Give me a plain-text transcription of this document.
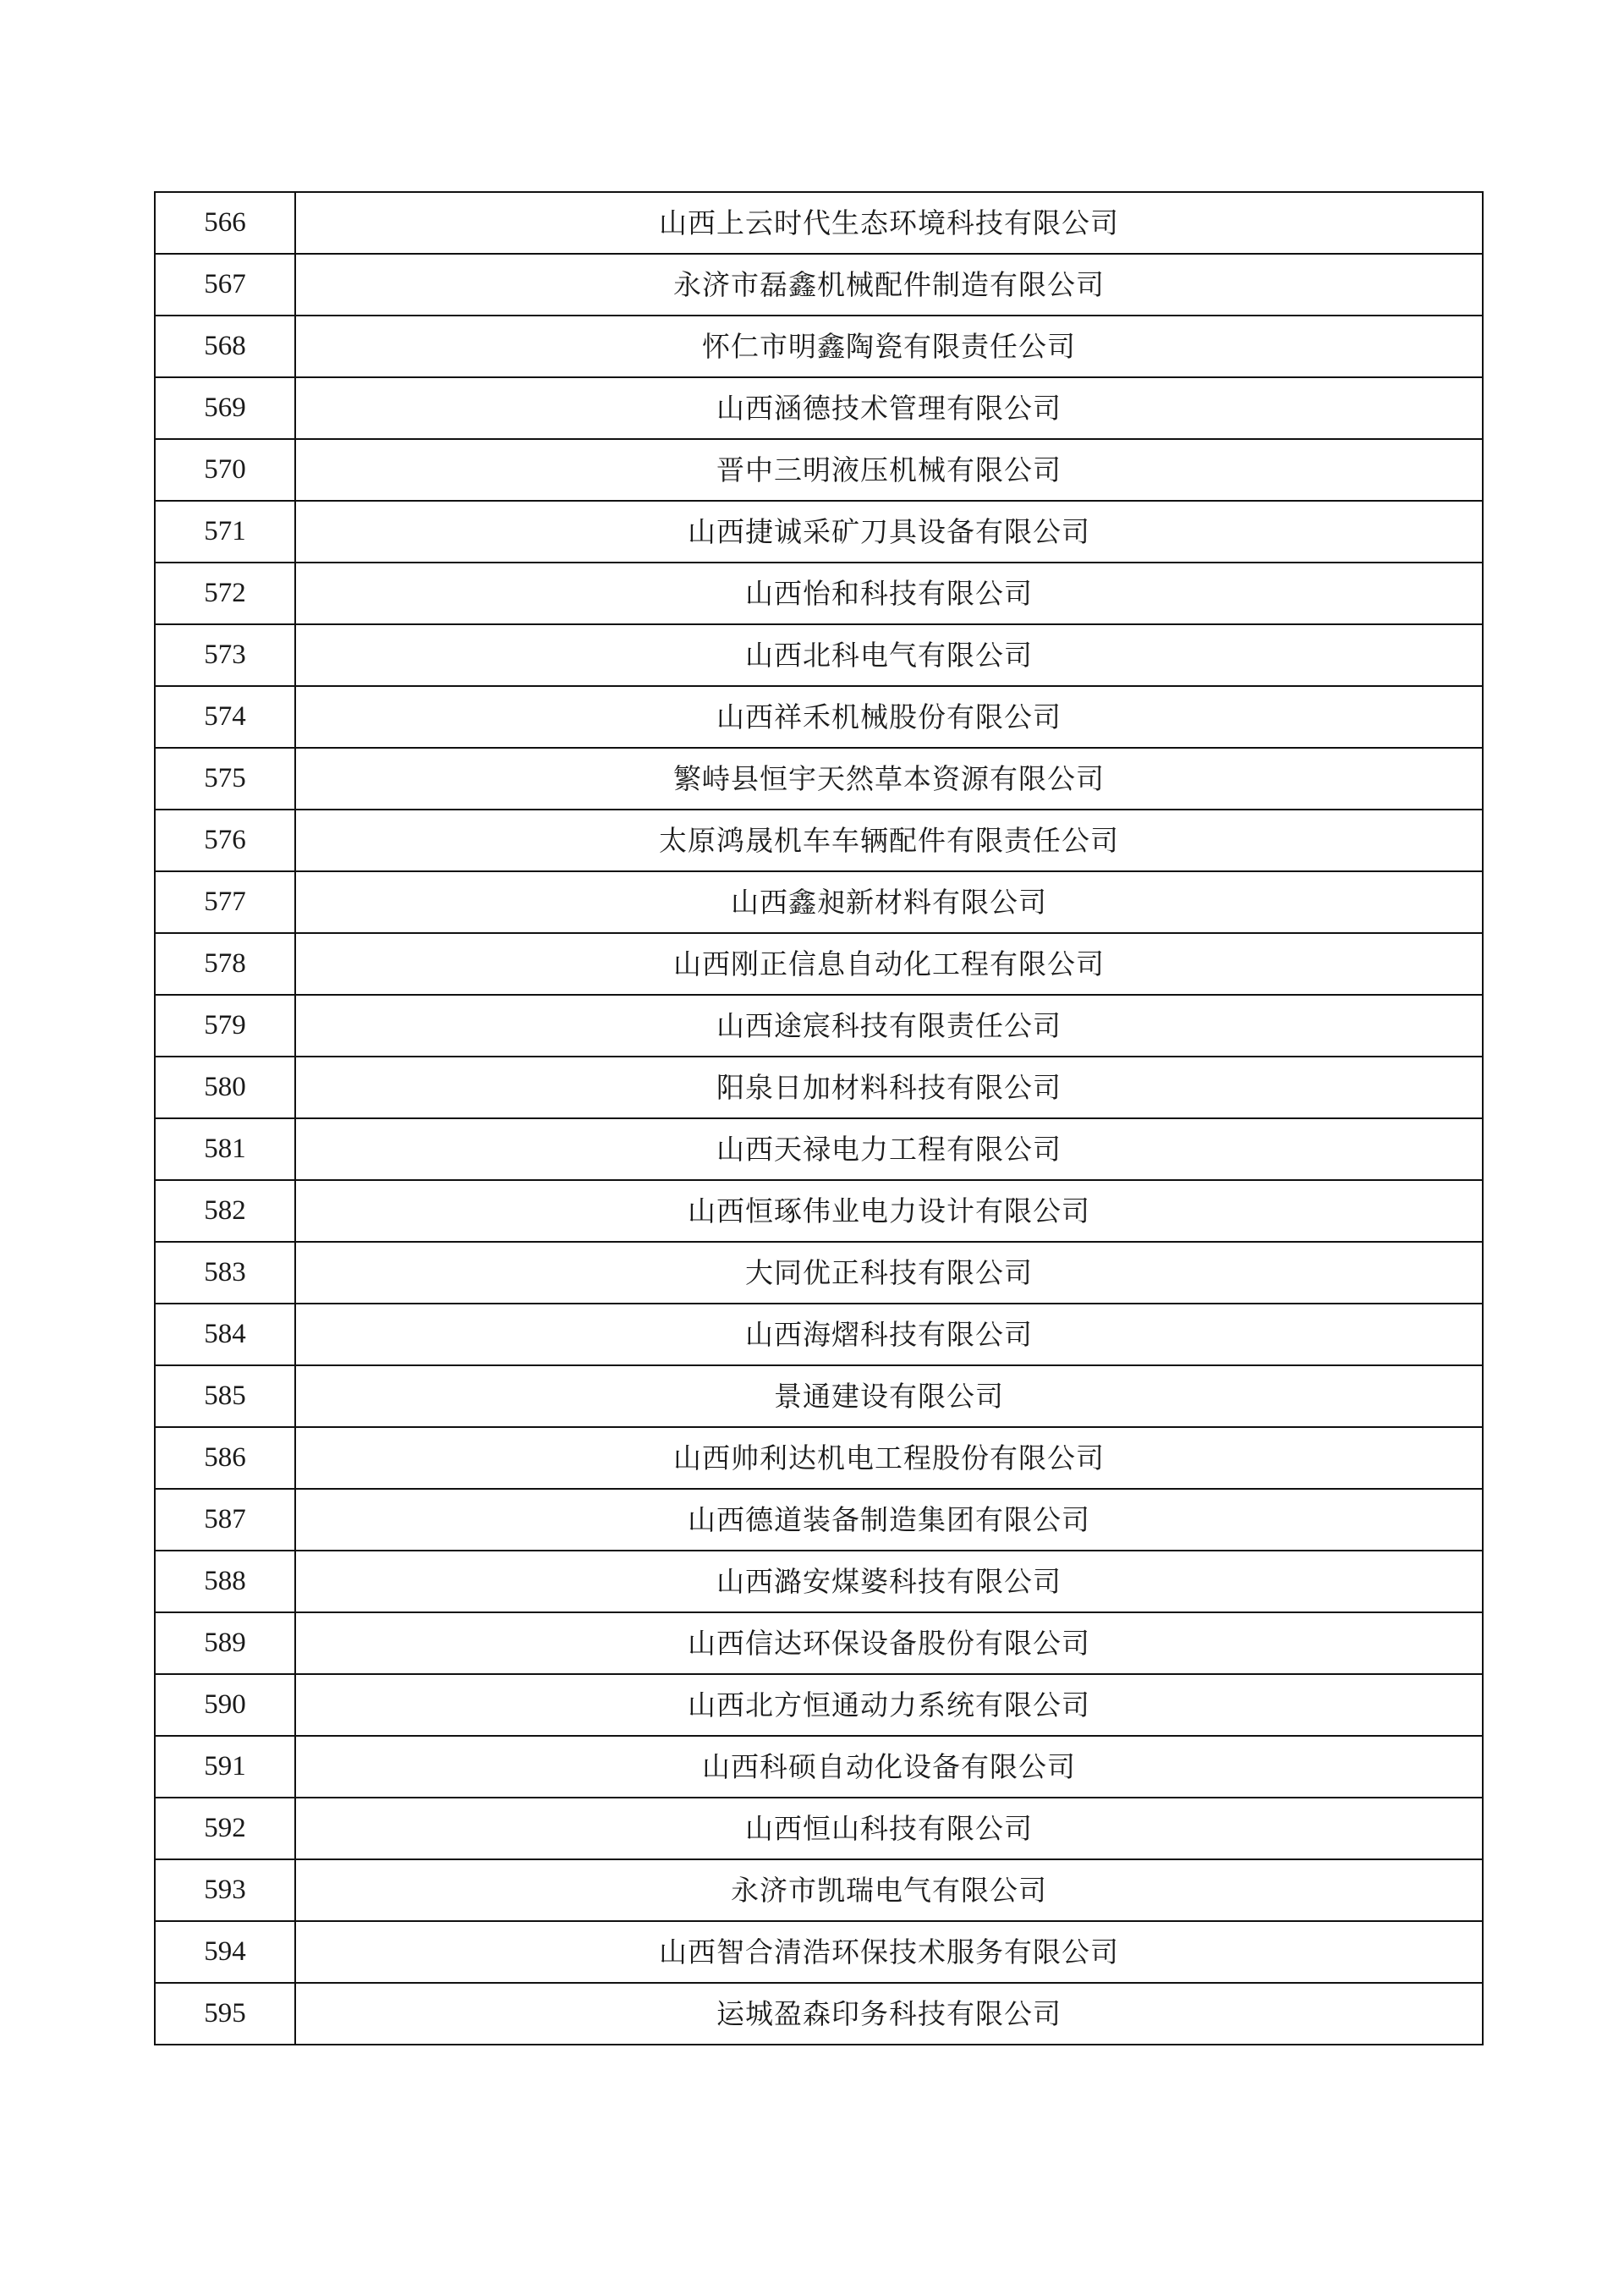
566	山西上云时代生态环境科技有限公司
567	永济市磊鑫机械配件制造有限公司
568	怀仁市明鑫陶瓷有限责任公司
569	山西涵德技术管理有限公司
570	晋中三明液压机械有限公司
571	山西捷诚采矿刀具设备有限公司
572	山西怡和科技有限公司
573	山西北科电气有限公司
574	山西祥禾机械股份有限公司
575	繁峙县恒宇天然草本资源有限公司
576	太原鸿晟机车车辆配件有限责任公司
577	山西鑫昶新材料有限公司
578	山西刚正信息自动化工程有限公司
579	山西途宸科技有限责任公司
580	阳泉日加材料科技有限公司
581	山西天禄电力工程有限公司
582	山西恒琢伟业电力设计有限公司
583	大同优正科技有限公司
584	山西海熠科技有限公司
585	景通建设有限公司
586	山西帅利达机电工程股份有限公司
587	山西德道装备制造集团有限公司
588	山西潞安煤婆科技有限公司
589	山西信达环保设备股份有限公司
590	山西北方恒通动力系统有限公司
591	山西科硕自动化设备有限公司
592	山西恒山科技有限公司
593	永济市凯瑞电气有限公司
594	山西智合清浩环保技术服务有限公司
595	运城盈森印务科技有限公司
